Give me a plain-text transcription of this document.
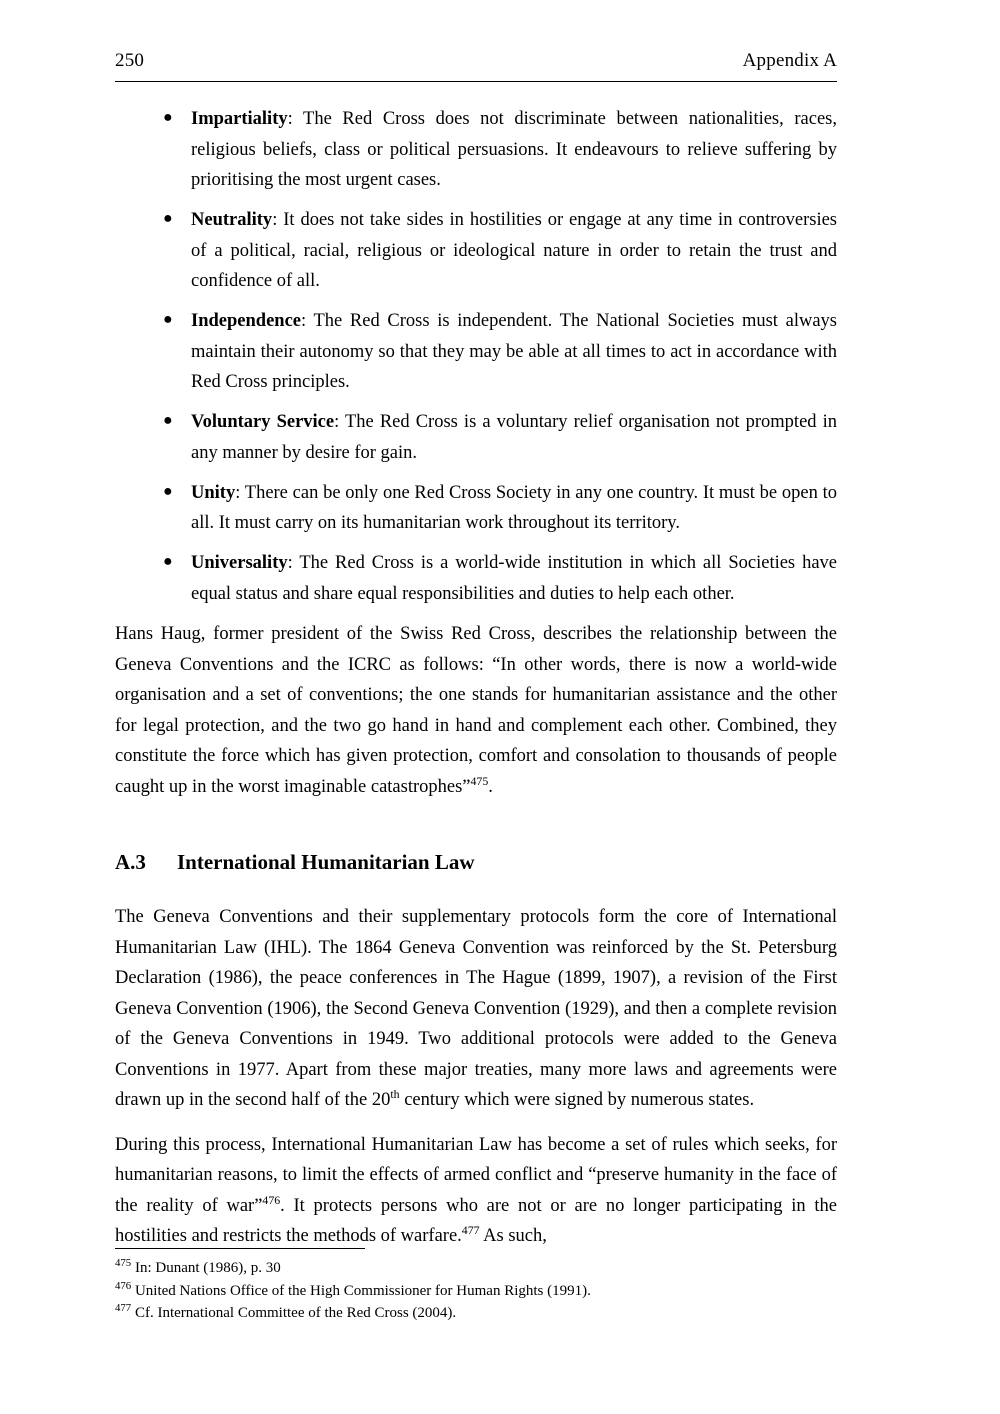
250	Appendix A
● Impartiality: The Red Cross does not discriminate between nationalities, races, religious beliefs, class or political persuasions. It endeavours to relieve suffering by prioritising the most urgent cases.
● Neutrality: It does not take sides in hostilities or engage at any time in controversies of a political, racial, religious or ideological nature in order to retain the trust and confidence of all.
● Independence: The Red Cross is independent. The National Societies must always maintain their autonomy so that they may be able at all times to act in accordance with Red Cross principles.
● Voluntary Service: The Red Cross is a voluntary relief organisation not prompted in any manner by desire for gain.
● Unity: There can be only one Red Cross Society in any one country. It must be open to all. It must carry on its humanitarian work throughout its territory.
● Universality: The Red Cross is a world-wide institution in which all Societies have equal status and share equal responsibilities and duties to help each other.

Hans Haug, former president of the Swiss Red Cross, describes the relationship between the Geneva Conventions and the ICRC as follows: “In other words, there is now a world-wide organisation and a set of conventions; the one stands for humanitarian assistance and the other for legal protection, and the two go hand in hand and complement each other. Combined, they constitute the force which has given protection, comfort and consolation to thousands of people caught up in the worst imaginable catastrophes”$^{475}$.

A.3 International Humanitarian Law

The Geneva Conventions and their supplementary protocols form the core of International Humanitarian Law (IHL). The 1864 Geneva Convention was reinforced by the St. Petersburg Declaration (1986), the peace conferences in The Hague (1899, 1907), a revision of the First Geneva Convention (1906), the Second Geneva Convention (1929), and then a complete revision of the Geneva Conventions in 1949. Two additional protocols were added to the Geneva Conventions in 1977. Apart from these major treaties, many more laws and agreements were drawn up in the second half of the 20th century which were signed by numerous states.

During this process, International Humanitarian Law has become a set of rules which seeks, for humanitarian reasons, to limit the effects of armed conflict and “preserve humanity in the face of the reality of war”$^{476}$. It protects persons who are not or are no longer participating in the hostilities and restricts the methods of warfare.$^{477}$ As such,

$^{475}$ In: Dunant (1986), p. 30

$^{476}$ United Nations Office of the High Commissioner for Human Rights (1991).

$^{477}$ Cf. International Committee of the Red Cross (2004).
